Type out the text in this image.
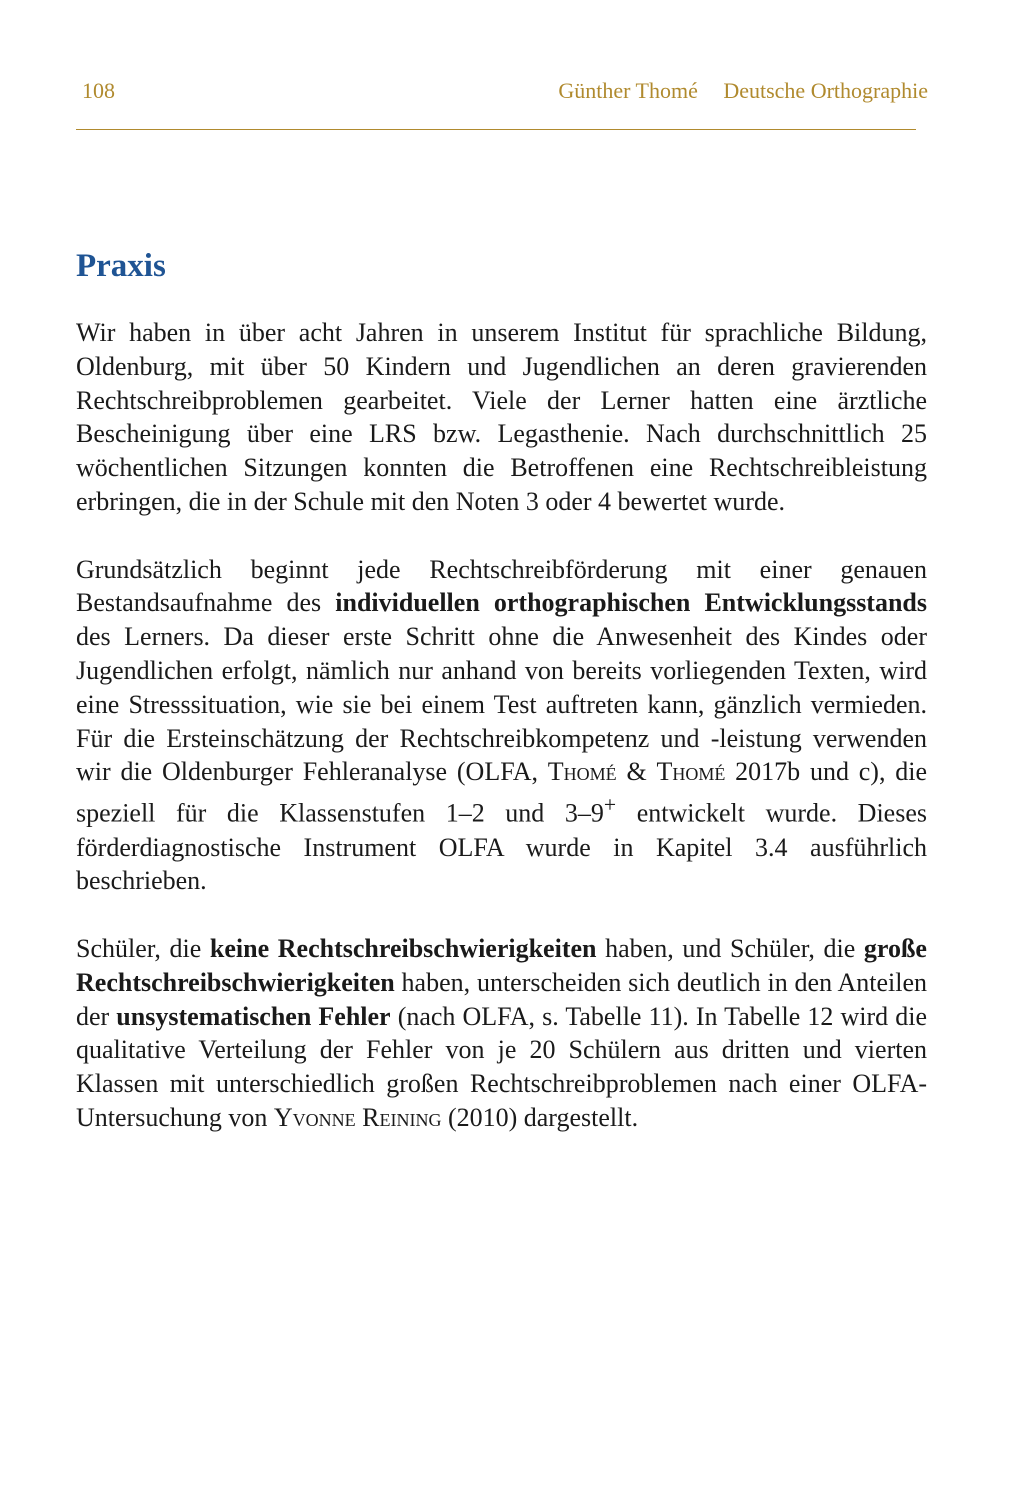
108	Günther Thomé Deutsche Orthographie
Praxis

Wir haben in über acht Jahren in unserem Institut für sprachliche Bildung, Oldenburg, mit über 50 Kindern und Jugendlichen an deren gravierenden Rechtschreibproblemen gearbeitet. Viele der Lerner hatten eine ärztliche Bescheinigung über eine LRS bzw. Legasthenie. Nach durchschnittlich 25 wöchentlichen Sitzungen konnten die Betroffenen eine Rechtschreibleistung erbringen, die in der Schule mit den Noten 3 oder 4 bewertet wurde.

Grundsätzlich beginnt jede Rechtschreibförderung mit einer genauen Bestandsaufnahme des individuellen orthographischen Entwicklungsstands des Lerners. Da dieser erste Schritt ohne die Anwesenheit des Kindes oder Jugendlichen erfolgt, nämlich nur anhand von bereits vorliegenden Texten, wird eine Stresssituation, wie sie bei einem Test auftreten kann, gänzlich vermieden. Für die Ersteinschätzung der Rechtschreibkompetenz und -leistung verwenden wir die Oldenburger Fehleranalyse (OLFA, Thomé & Thomé 2017b und c), die speziell für die Klassenstufen 1–2 und 3–9+ entwickelt wurde. Dieses förderdiagnostische Instrument OLFA wurde in Kapitel 3.4 ausführlich beschrieben.

Schüler, die keine Rechtschreibschwierigkeiten haben, und Schüler, die große Rechtschreibschwierigkeiten haben, unterscheiden sich deutlich in den Anteilen der unsystematischen Fehler (nach OLFA, s. Tabelle 11). In Tabelle 12 wird die qualitative Verteilung der Fehler von je 20 Schülern aus dritten und vierten Klassen mit unterschiedlich großen Rechtschreibproblemen nach einer OLFA-Untersuchung von Yvonne Reining (2010) dargestellt.
